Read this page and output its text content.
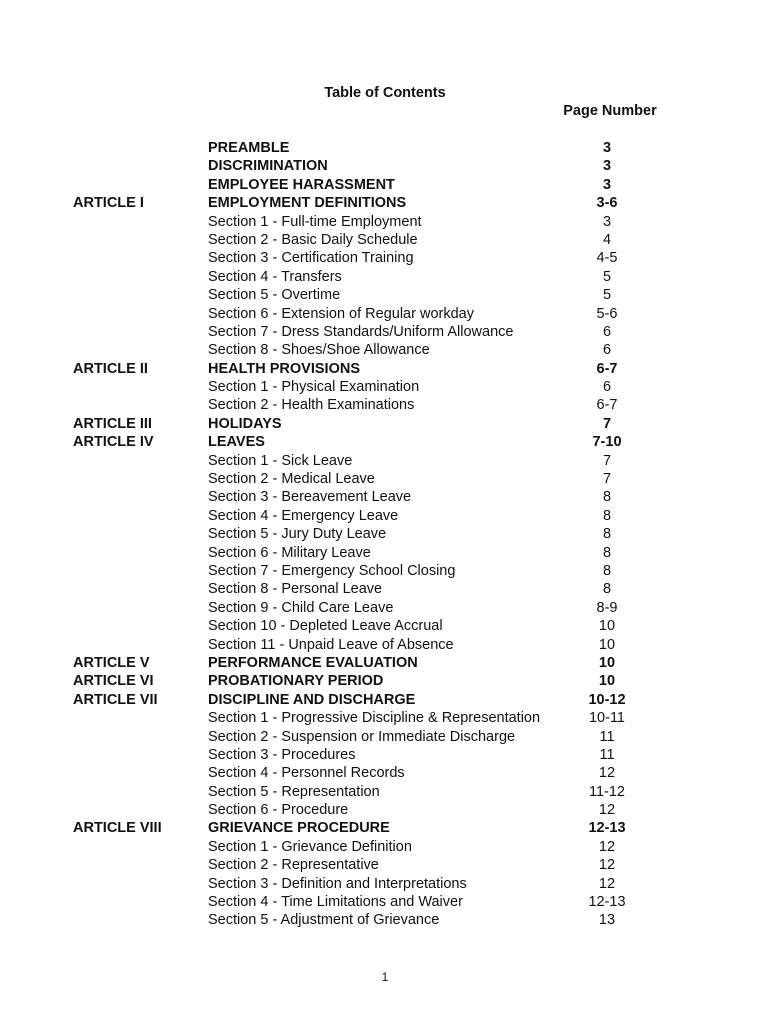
Table of Contents
Page Number
PREAMBLE	3
DISCRIMINATION	3
EMPLOYEE HARASSMENT	3
ARTICLE I	EMPLOYMENT DEFINITIONS	3-6
Section 1 - Full-time Employment	3
Section 2 - Basic Daily Schedule	4
Section 3 - Certification Training	4-5
Section 4 - Transfers	5
Section 5 - Overtime	5
Section 6 - Extension of Regular workday	5-6
Section 7 - Dress Standards/Uniform Allowance	6
Section 8 - Shoes/Shoe Allowance	6
ARTICLE II	HEALTH PROVISIONS	6-7
Section 1 - Physical Examination	6
Section 2 - Health Examinations	6-7
ARTICLE III	HOLIDAYS	7
ARTICLE IV	LEAVES	7-10
Section 1 - Sick Leave	7
Section 2 - Medical Leave	7
Section 3 - Bereavement Leave	8
Section 4 - Emergency Leave	8
Section 5 - Jury Duty Leave	8
Section 6 - Military Leave	8
Section 7 - Emergency School Closing	8
Section 8 - Personal Leave	8
Section 9 - Child Care Leave	8-9
Section 10 - Depleted Leave Accrual	10
Section 11 - Unpaid Leave of Absence	10
ARTICLE V	PERFORMANCE EVALUATION	10
ARTICLE VI	PROBATIONARY PERIOD	10
ARTICLE VII	DISCIPLINE AND DISCHARGE	10-12
Section 1 - Progressive Discipline & Representation	10-11
Section 2 - Suspension or Immediate Discharge	11
Section 3 - Procedures	11
Section 4 - Personnel Records	12
Section 5 - Representation	11-12
Section 6 - Procedure	12
ARTICLE VIII	GRIEVANCE PROCEDURE	12-13
Section 1 - Grievance Definition	12
Section 2 - Representative	12
Section 3 - Definition and Interpretations	12
Section 4 - Time Limitations and Waiver	12-13
Section 5 - Adjustment of Grievance	13
1
